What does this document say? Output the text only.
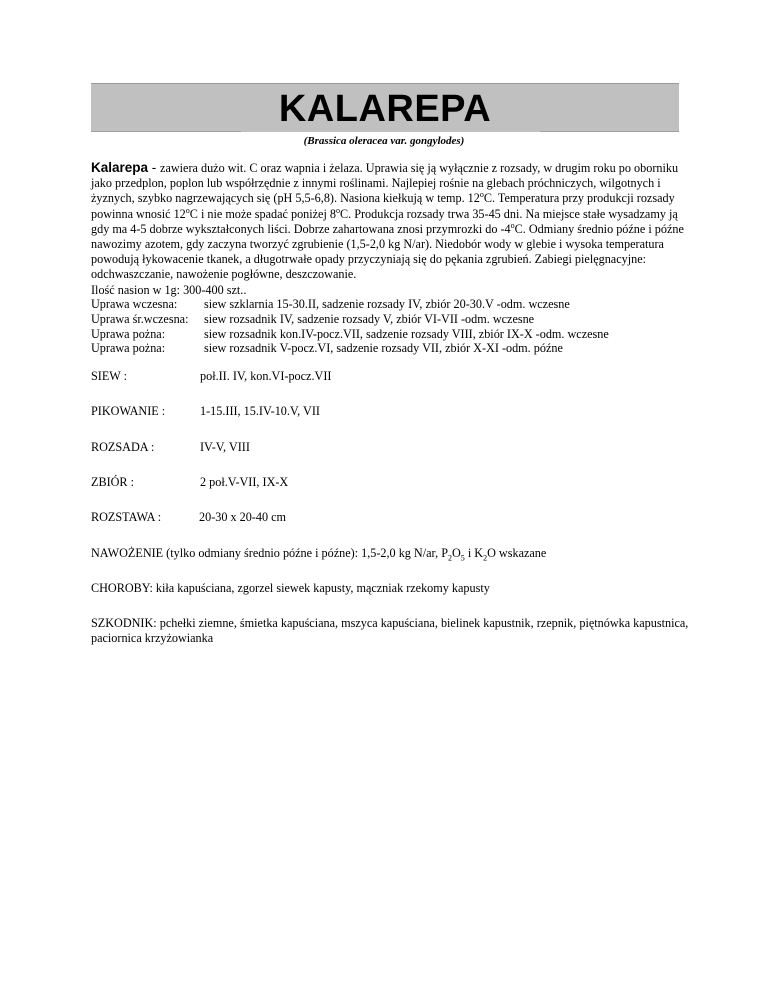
KALAREPA
(Brassica oleracea var. gongylodes)
Kalarepa - zawiera dużo wit. C oraz wapnia i żelaza. Uprawia się ją wyłącznie z rozsady, w drugim roku po oborniku jako przedplon, poplon lub współrzędnie z innymi roślinami. Najlepiej rośnie na glebach próchniczych, wilgotnych i żyznych, szybko nagrzewających się (pH 5,5-6,8). Nasiona kiełkują w temp. 12$^o$C. Temperatura przy produkcji rozsady powinna wnosić 12$^o$C i nie może spadać poniżej 8$^o$C. Produkcja rozsady trwa 35-45 dni. Na miejsce stałe wysadzamy ją gdy ma 4-5 dobrze wykształconych liści. Dobrze zahartowana znosi przymrozki do -4$^o$C. Odmiany średnio późne i późne nawozimy azotem, gdy zaczyna tworzyć zgrubienie (1,5-2,0 kg N/ar). Niedobór wody w glebie i wysoka temperatura powodują łykowacenie tkanek, a długotrwałe opady przyczyniają się do pękania zgrubień. Zabiegi pielęgnacyjne: odchwaszczanie, nawożenie pogłówne, deszczowanie.
Ilość nasion w 1g: 300-400 szt..
Uprawa wczesna:	siew szklarnia 15-30.II, sadzenie rozsady IV, zbiór 20-30.V -odm. wczesne
Uprawa śr.wczesna:	siew rozsadnik IV, sadzenie rozsady V, zbiór VI-VII -odm. wczesne
Uprawa pożna:	siew rozsadnik kon.IV-pocz.VII, sadzenie rozsady VIII, zbiór IX-X -odm. wczesne
Uprawa pożna:	siew rozsadnik V-pocz.VI, sadzenie rozsady VII, zbiór X-XI -odm. późne
SIEW :	poł.II. IV, kon.VI-pocz.VII
PIKOWANIE :	1-15.III, 15.IV-10.V, VII
ROZSADA :	IV-V, VIII
ZBIÓR :	2 poł.V-VII, IX-X
ROZSTAWA :	20-30 x 20-40 cm
NAWOŻENIE (tylko odmiany średnio późne i późne): 1,5-2,0 kg N/ar, $P_2O_5$ i $K_2O$ wskazane
CHOROBY: kiła kapuściana, zgorzel siewek kapusty, mączniak rzekomy kapusty
SZKODNIK: pchełki ziemne, śmietka kapuściana, mszyca kapuściana, bielinek kapustnik, rzepnik, piętnówka kapustnica, paciornica krzyżowianka
